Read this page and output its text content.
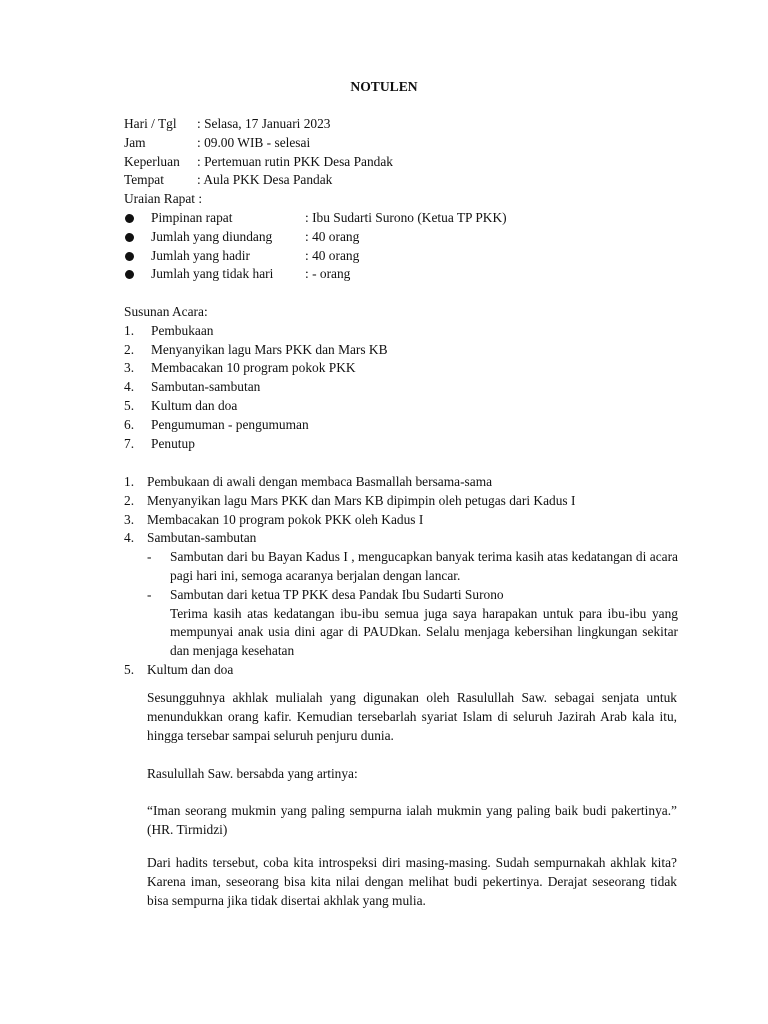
NOTULEN
Hari / Tgl : Selasa, 17 Januari 2023
Jam	: 09.00 WIB - selesai
Keperluan : Pertemuan rutin PKK Desa Pandak
Tempat : Aula PKK Desa Pandak
Uraian Rapat :
Pimpinan rapat	: Ibu Sudarti Surono (Ketua TP PKK)
Jumlah yang diundang : 40 orang
Jumlah yang hadir	: 40 orang
Jumlah yang tidak hari : - orang
Susunan Acara:
1. Pembukaan
2. Menyanyikan lagu Mars PKK dan Mars KB
3. Membacakan 10 program pokok PKK
4. Sambutan-sambutan
5. Kultum dan doa
6. Pengumuman - pengumuman
7. Penutup
1. Pembukaan di awali dengan membaca Basmallah bersama-sama
2. Menyanyikan lagu Mars PKK dan Mars KB dipimpin oleh petugas dari Kadus I
3. Membacakan 10 program pokok PKK oleh Kadus I
4. Sambutan-sambutan
- Sambutan dari bu Bayan Kadus I , mengucapkan banyak terima kasih atas kedatangan di acara pagi hari ini, semoga acaranya berjalan dengan lancar.

- Sambutan dari ketua TP PKK desa Pandak Ibu Sudarti Surono

Terima kasih atas kedatangan ibu-ibu semua juga saya harapakan untuk para ibu-ibu yang mempunyai anak usia dini agar di PAUDkan. Selalu menjaga kebersihan lingkungan sekitar dan menjaga kesehatan

5. Kultum dan doa

Sesungguhnya akhlak mulialah yang digunakan oleh Rasulullah Saw. sebagai senjata untuk menundukkan orang kafir. Kemudian tersebarlah syariat Islam di seluruh Jazirah Arab kala itu, hingga tersebar sampai seluruh penjuru dunia.

Rasulullah Saw. bersabda yang artinya:

“Iman seorang mukmin yang paling sempurna ialah mukmin yang paling baik budi pakertinya.” (HR. Tirmidzi)

Dari hadits tersebut, coba kita introspeksi diri masing-masing. Sudah sempurnakah akhlak kita? Karena iman, seseorang bisa kita nilai dengan melihat budi pekertinya. Derajat seseorang tidak bisa sempurna jika tidak disertai akhlak yang mulia.
